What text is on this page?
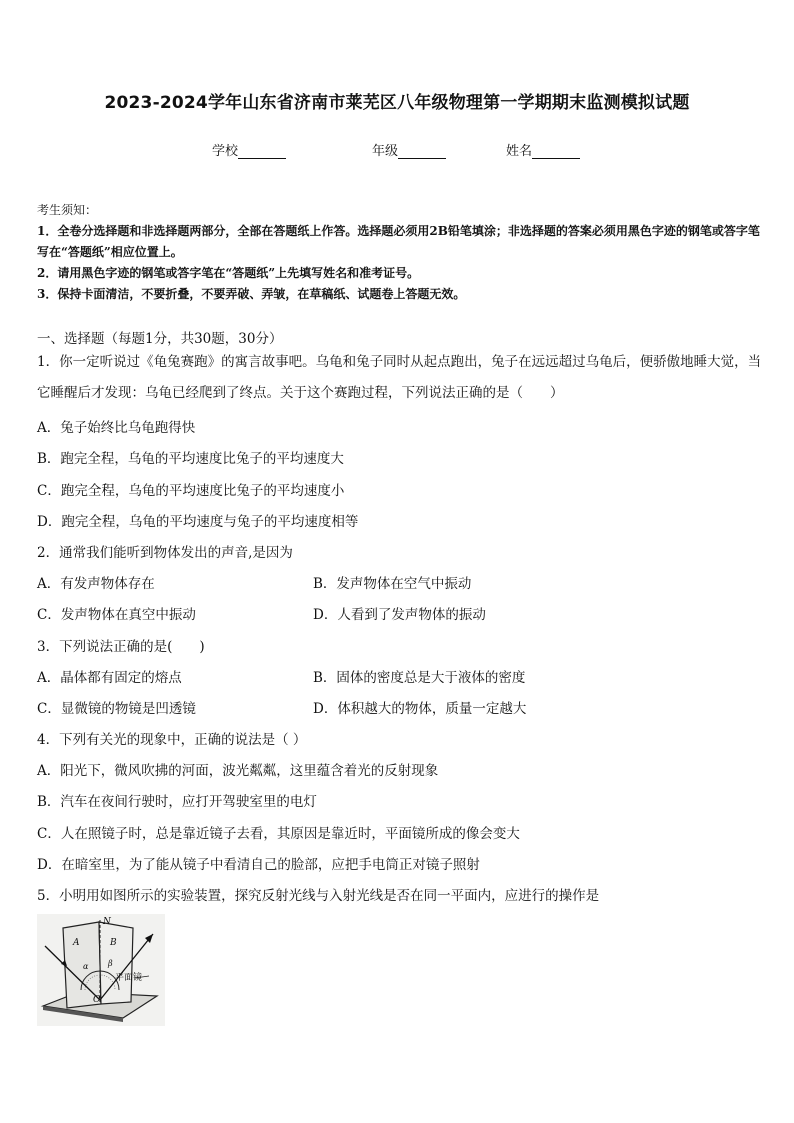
2023-2024学年山东省济南市莱芜区八年级物理第一学期期末监测模拟试题
学校	年级	姓名
考生须知：
1．全卷分选择题和非选择题两部分，全部在答题纸上作答。选择题必须用2B铅笔填涂；非选择题的答案必须用黑色字迹的钢笔或答字笔写在“答题纸”相应位置上。
2．请用黑色字迹的钢笔或答字笔在“答题纸”上先填写姓名和准考证号。
3．保持卡面清洁，不要折叠，不要弄破、弄皱，在草稿纸、试题卷上答题无效。
一、选择题（每题1分，共30题，30分）
1．你一定听说过《龟兔赛跑》的寓言故事吧。乌龟和兔子同时从起点跑出，兔子在远远超过乌龟后，便骄傲地睡大觉，当它睡醒后才发现：乌龟已经爬到了终点。关于这个赛跑过程，下列说法正确的是（　　）
A．兔子始终比乌龟跑得快
B．跑完全程，乌龟的平均速度比兔子的平均速度大
C．跑完全程，乌龟的平均速度比兔子的平均速度小
D．跑完全程，乌龟的平均速度与兔子的平均速度相等
2．通常我们能听到物体发出的声音,是因为
A．有发声物体存在	B．发声物体在空气中振动
C．发声物体在真空中振动	D．人看到了发声物体的振动
3．下列说法正确的是(　　)
A．晶体都有固定的熔点	B．固体的密度总是大于液体的密度
C．显微镜的物镜是凹透镜	D．体积越大的物体，质量一定越大
4．下列有关光的现象中，正确的说法是（ ）
A．阳光下，微风吹拂的河面，波光粼粼，这里蕴含着光的反射现象
B．汽车在夜间行驶时，应打开驾驶室里的电灯
C．人在照镜子时，总是靠近镜子去看，其原因是靠近时，平面镜所成的像会变大
D．在暗室里，为了能从镜子中看清自己的脸部，应把手电筒正对镜子照射
5．小明用如图所示的实验装置，探究反射光线与入射光线是否在同一平面内，应进行的操作是
N
B
β
O
平面镜
A
α
